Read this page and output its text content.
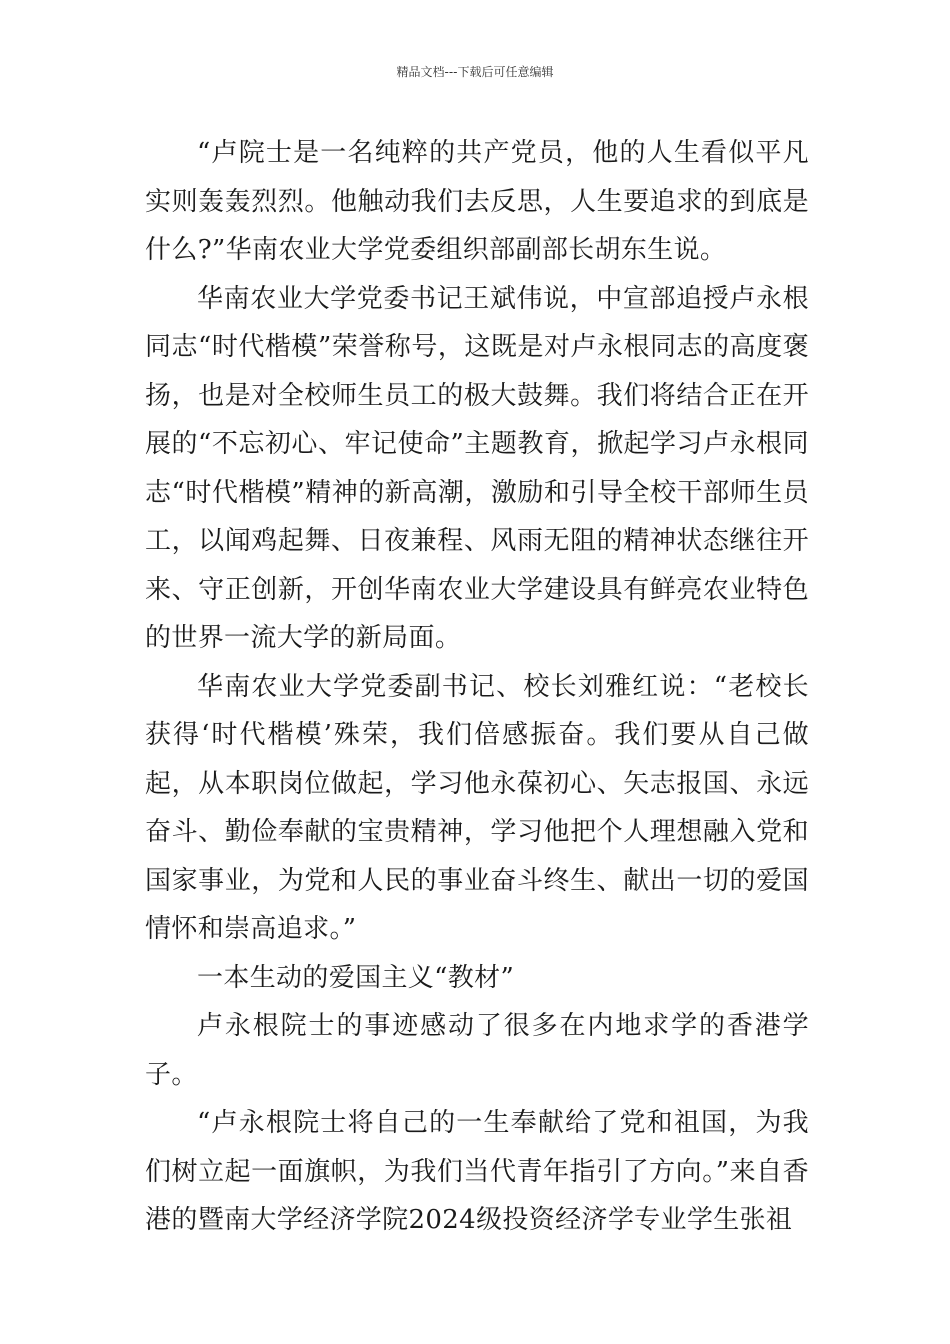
精品文档---下载后可任意编辑

“卢院士是一名纯粹的共产党员，他的人生看似平凡实则轰轰烈烈。他触动我们去反思，人生要追求的到底是什么?”华南农业大学党委组织部副部长胡东生说。

华南农业大学党委书记王斌伟说，中宣部追授卢永根同志“时代楷模”荣誉称号，这既是对卢永根同志的高度褒扬，也是对全校师生员工的极大鼓舞。我们将结合正在开展的“不忘初心、牢记使命”主题教育，掀起学习卢永根同志“时代楷模”精神的新高潮，激励和引导全校干部师生员工，以闻鸡起舞、日夜兼程、风雨无阻的精神状态继往开来、守正创新，开创华南农业大学建设具有鲜亮农业特色的世界一流大学的新局面。

华南农业大学党委副书记、校长刘雅红说：“老校长获得‘时代楷模’殊荣，我们倍感振奋。我们要从自己做起，从本职岗位做起，学习他永葆初心、矢志报国、永远奋斗、勤俭奉献的宝贵精神，学习他把个人理想融入党和国家事业，为党和人民的事业奋斗终生、献出一切的爱国情怀和崇高追求。”

一本生动的爱国主义“教材”

卢永根院士的事迹感动了很多在内地求学的香港学子。

“卢永根院士将自己的一生奉献给了党和祖国，为我们树立起一面旗帜，为我们当代青年指引了方向。”来自香港的暨南大学经济学院2024级投资经济学专业学生张祖
